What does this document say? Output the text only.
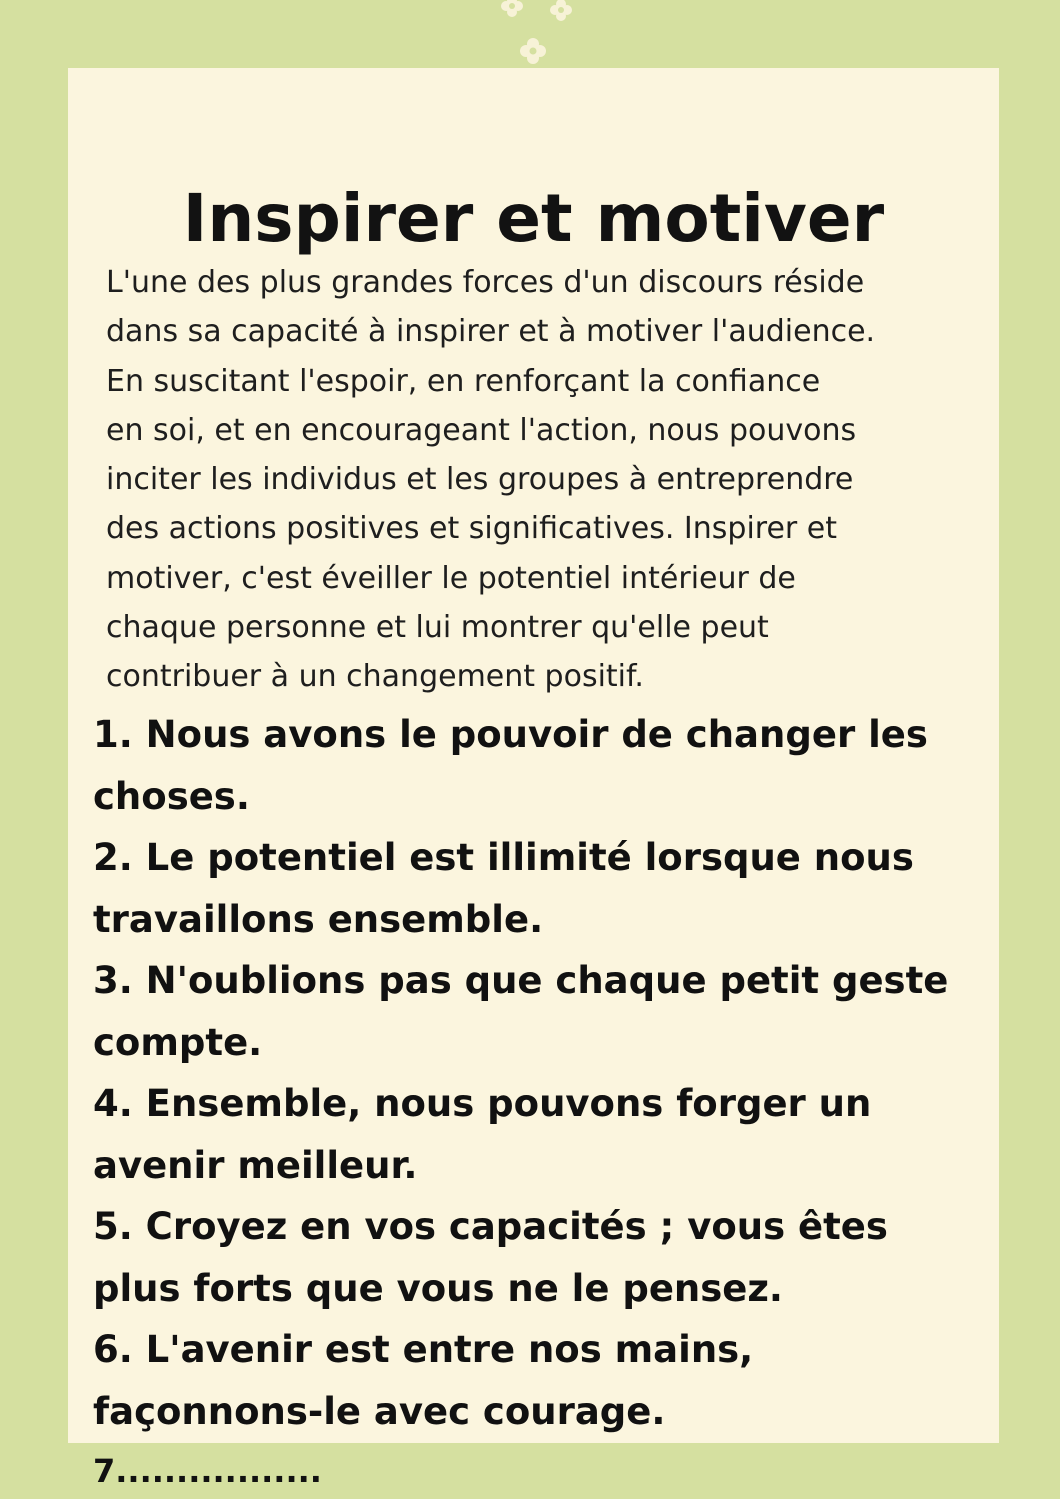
Inspirer et motiver

L'une des plus grandes forces d'un discours réside
dans sa capacité à inspirer et à motiver l'audience.
En suscitant l'espoir, en renforçant la confiance
en soi, et en encourageant l'action, nous pouvons
inciter les individus et les groupes à entreprendre
des actions positives et significatives. Inspirer et
motiver, c'est éveiller le potentiel intérieur de
chaque personne et lui montrer qu'elle peut
contribuer à un changement positif.

1. Nous avons le pouvoir de changer les
choses.
2. Le potentiel est illimité lorsque nous
travaillons ensemble.
3. N'oublions pas que chaque petit geste
compte.
4. Ensemble, nous pouvons forger un
avenir meilleur.
5. Croyez en vos capacités ; vous êtes
plus forts que vous ne le pensez.
6. L'avenir est entre nos mains,
façonnons-le avec courage.

7.................
